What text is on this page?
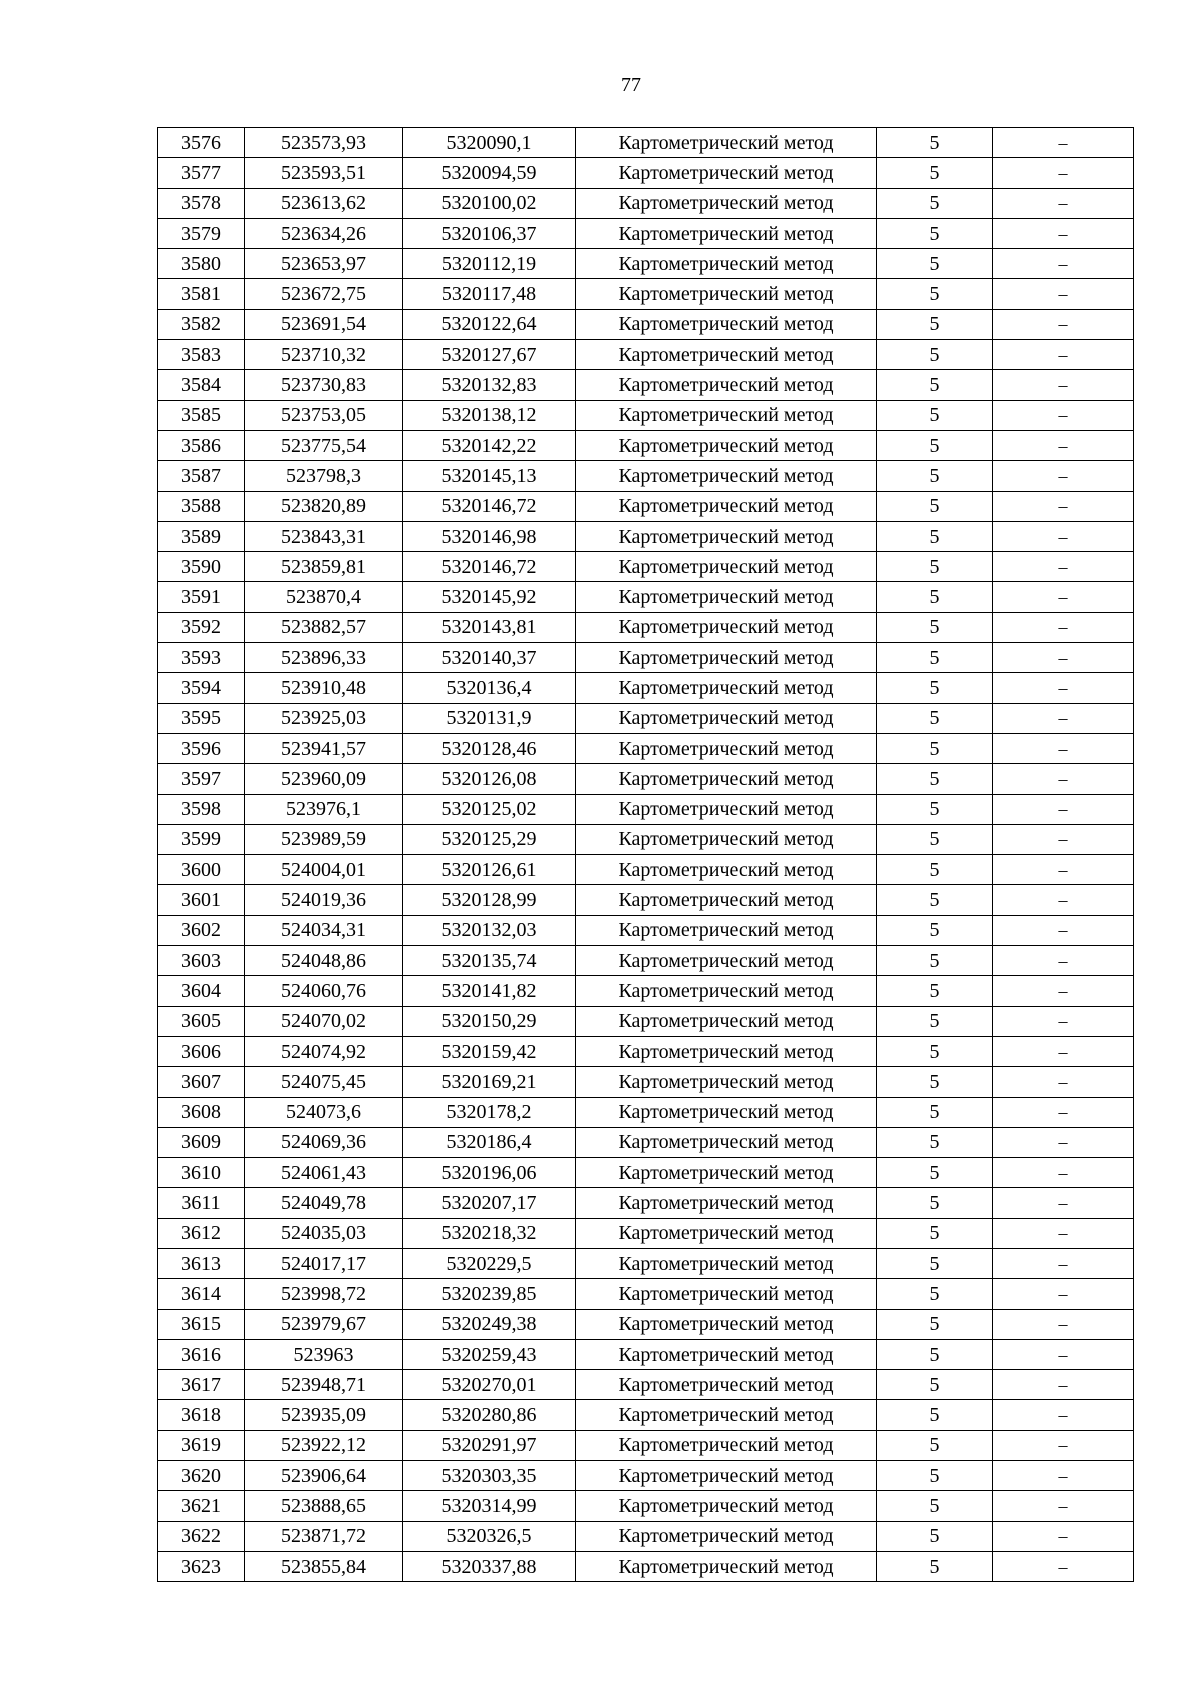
77
3576	523573,93	5320090,1	Картометрический метод	5	–
3577	523593,51	5320094,59	Картометрический метод	5	–
3578	523613,62	5320100,02	Картометрический метод	5	–
3579	523634,26	5320106,37	Картометрический метод	5	–
3580	523653,97	5320112,19	Картометрический метод	5	–
3581	523672,75	5320117,48	Картометрический метод	5	–
3582	523691,54	5320122,64	Картометрический метод	5	–
3583	523710,32	5320127,67	Картометрический метод	5	–
3584	523730,83	5320132,83	Картометрический метод	5	–
3585	523753,05	5320138,12	Картометрический метод	5	–
3586	523775,54	5320142,22	Картометрический метод	5	–
3587	523798,3	5320145,13	Картометрический метод	5	–
3588	523820,89	5320146,72	Картометрический метод	5	–
3589	523843,31	5320146,98	Картометрический метод	5	–
3590	523859,81	5320146,72	Картометрический метод	5	–
3591	523870,4	5320145,92	Картометрический метод	5	–
3592	523882,57	5320143,81	Картометрический метод	5	–
3593	523896,33	5320140,37	Картометрический метод	5	–
3594	523910,48	5320136,4	Картометрический метод	5	–
3595	523925,03	5320131,9	Картометрический метод	5	–
3596	523941,57	5320128,46	Картометрический метод	5	–
3597	523960,09	5320126,08	Картометрический метод	5	–
3598	523976,1	5320125,02	Картометрический метод	5	–
3599	523989,59	5320125,29	Картометрический метод	5	–
3600	524004,01	5320126,61	Картометрический метод	5	–
3601	524019,36	5320128,99	Картометрический метод	5	–
3602	524034,31	5320132,03	Картометрический метод	5	–
3603	524048,86	5320135,74	Картометрический метод	5	–
3604	524060,76	5320141,82	Картометрический метод	5	–
3605	524070,02	5320150,29	Картометрический метод	5	–
3606	524074,92	5320159,42	Картометрический метод	5	–
3607	524075,45	5320169,21	Картометрический метод	5	–
3608	524073,6	5320178,2	Картометрический метод	5	–
3609	524069,36	5320186,4	Картометрический метод	5	–
3610	524061,43	5320196,06	Картометрический метод	5	–
3611	524049,78	5320207,17	Картометрический метод	5	–
3612	524035,03	5320218,32	Картометрический метод	5	–
3613	524017,17	5320229,5	Картометрический метод	5	–
3614	523998,72	5320239,85	Картометрический метод	5	–
3615	523979,67	5320249,38	Картометрический метод	5	–
3616	523963	5320259,43	Картометрический метод	5	–
3617	523948,71	5320270,01	Картометрический метод	5	–
3618	523935,09	5320280,86	Картометрический метод	5	–
3619	523922,12	5320291,97	Картометрический метод	5	–
3620	523906,64	5320303,35	Картометрический метод	5	–
3621	523888,65	5320314,99	Картометрический метод	5	–
3622	523871,72	5320326,5	Картометрический метод	5	–
3623	523855,84	5320337,88	Картометрический метод	5	–
